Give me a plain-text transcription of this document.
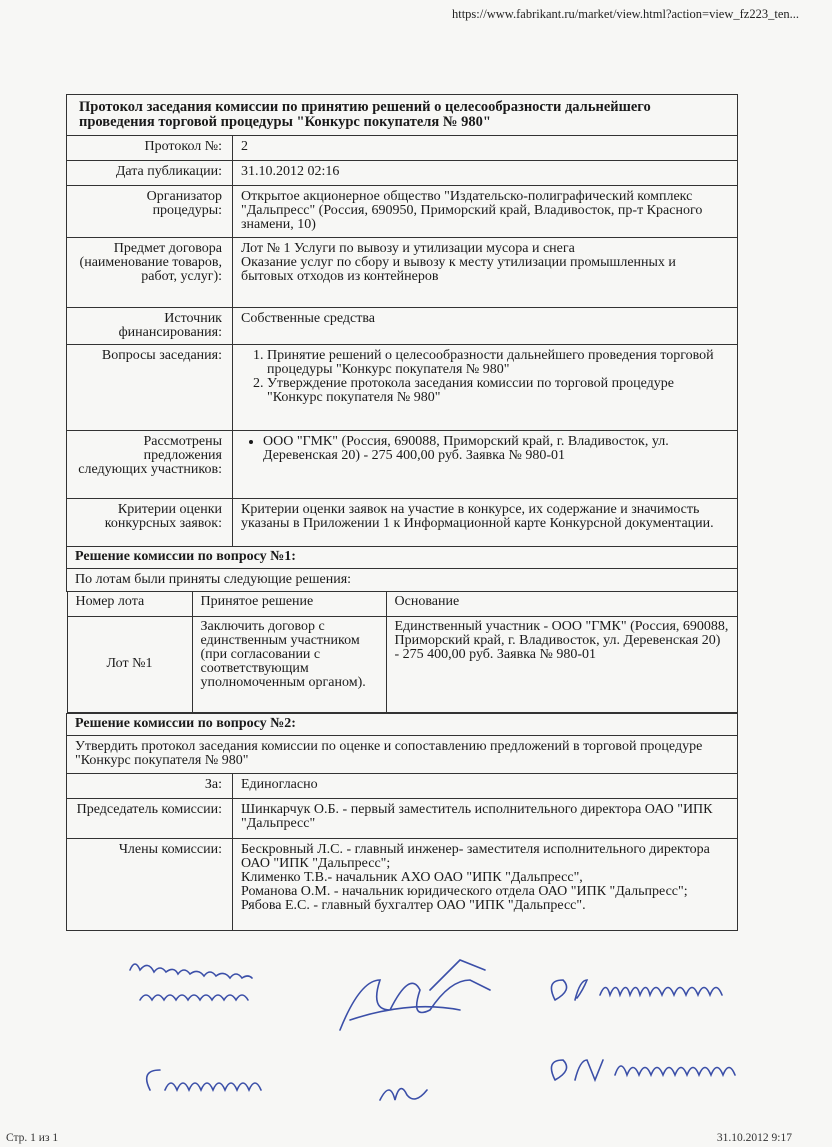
https://www.fabrikant.ru/market/view.html?action=view_fz223_ten...
Протокол заседания комиссии по принятию решений о целесообразности дальнейшего проведения торговой процедуры "Конкурс покупателя № 980"
Протокол №:	2
Дата публикации:	31.10.2012 02:16
Организатор процедуры:	Открытое акционерное общество "Издательско-полиграфический комплекс "Дальпресс" (Россия, 690950, Приморский край, Владивосток, пр-т Красного знамени, 10)
Предмет договора (наименование товаров, работ, услуг):	
Лот № 1 Услуги по вывозу и утилизации мусора и снега
Оказание услуг по сбору и вывозу к месту утилизации промышленных и бытовых отходов из контейнеров

Источник финансирования:	Собственные средства
Вопросы заседания:	
1.Принятие решений о целесообразности дальнейшего проведения торговой процедуры "Конкурс покупателя № 980"
2. Утверждение протокола заседания комиссии по торговой процедуре "Конкурс покупателя № 980"

Рассмотрены предложения следующих участников:	
• ООО "ГМК" (Россия, 690088, Приморский край, г. Владивосток, ул. Деревенская 20) - 275 400,00 руб. Заявка № 980-01

Критерии оценки конкурсных заявок:	Критерии оценки заявок на участие в конкурсе, их содержание и значимость указаны в Приложении 1 к Информационной карте Конкурсной документации.
Решение комиссии по вопросу №1:
По лотам были приняты следующие решения:

Номер лота	Принятое решение	Основание
Лот №1	Заключить договор с единственным участником (при согласовании с соответствующим уполномоченным органом).	Единственный участник - ООО "ГМК" (Россия, 690088, Приморский край, г. Владивосток, ул. Деревенская 20) - 275 400,00 руб. Заявка № 980-01

Решение комиссии по вопросу №2:
Утвердить протокол заседания комиссии по оценке и сопоставлению предложений в торговой процедуре "Конкурс покупателя № 980"
За:	Единогласно
Председатель комиссии:	Шинкарчук О.Б. - первый заместитель исполнительного директора ОАО "ИПК "Дальпресс"
Члены комиссии:	Бескровный Л.С. - главный инженер- заместителя исполнительного директора ОАО "ИПК "Дальпресс";
Клименко Т.В.- начальник АХО ОАО "ИПК "Дальпресс",
Романова О.М. - начальник юридического отдела ОАО "ИПК "Дальпресс";
Рябова Е.С. - главный бухгалтер ОАО "ИПК "Дальпресс".
Стр. 1 из 1	31.10.2012 9:17
